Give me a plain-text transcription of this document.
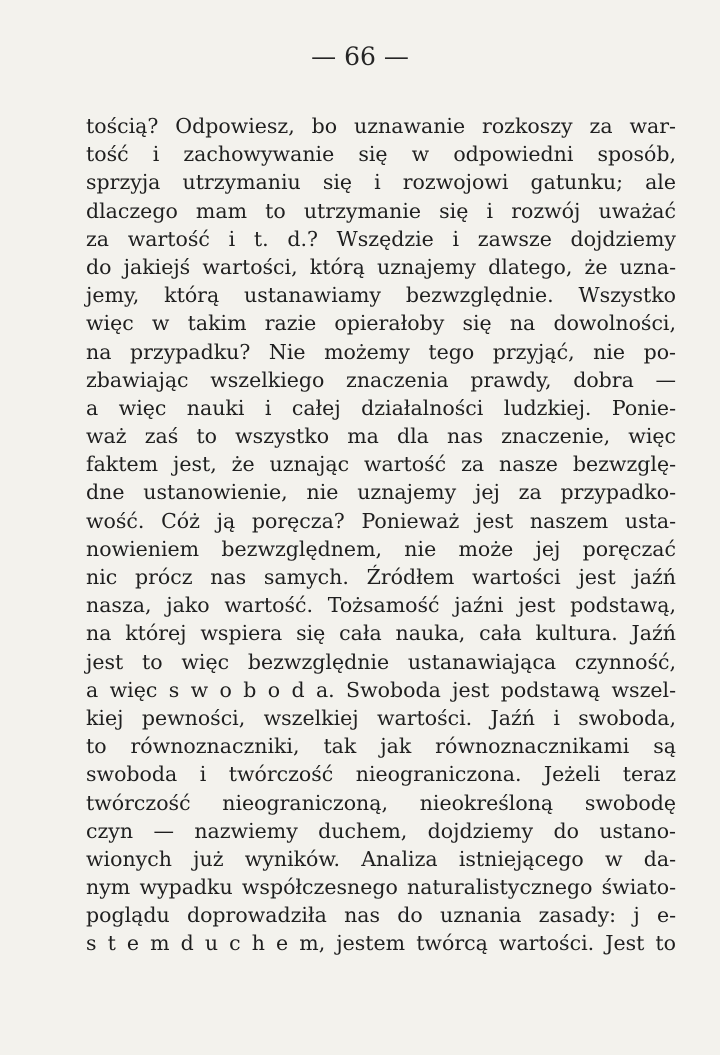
— 66 —
tością? Odpowiesz, bo uznawanie rozkoszy za war-
tość i zachowywanie się w odpowiedni sposób,
sprzyja utrzymaniu się i rozwojowi gatunku; ale
dlaczego mam to utrzymanie się i rozwój uważać
za wartość i t. d.? Wszędzie i zawsze dojdziemy
do jakiejś wartości, którą uznajemy dlatego, że uzna-
jemy, którą ustanawiamy bezwzględnie. Wszystko
więc w takim razie opierałoby się na dowolności,
na przypadku? Nie możemy tego przyjąć, nie po-
zbawiając wszelkiego znaczenia prawdy, dobra —
a więc nauki i całej działalności ludzkiej. Ponie-
waż zaś to wszystko ma dla nas znaczenie, więc
faktem jest, że uznając wartość za nasze bezwzglę-
dne ustanowienie, nie uznajemy jej za przypadko-
wość. Cóż ją poręcza? Ponieważ jest naszem usta-
nowieniem bezwzględnem, nie może jej poręczać
nic prócz nas samych. Źródłem wartości jest jaźń
nasza, jako wartość. Tożsamość jaźni jest podstawą,
na której wspiera się cała nauka, cała kultura. Jaźń
jest to więc bezwzględnie ustanawiająca czynność,
a więc s w o b o d a. Swoboda jest podstawą wszel-
kiej pewności, wszelkiej wartości. Jaźń i swoboda,
to równoznaczniki, tak jak równoznacznikami są
swoboda i twórczość nieograniczona. Jeżeli teraz
twórczość nieograniczoną, nieokreśloną swobodę
czyn — nazwiemy duchem, dojdziemy do ustano-
wionych już wyników. Analiza istniejącego w da-
nym wypadku współczesnego naturalistycznego świato-
poglądu doprowadziła nas do uznania zasady: j e-
s t e m d u c h e m, jestem twórcą wartości. Jest to
